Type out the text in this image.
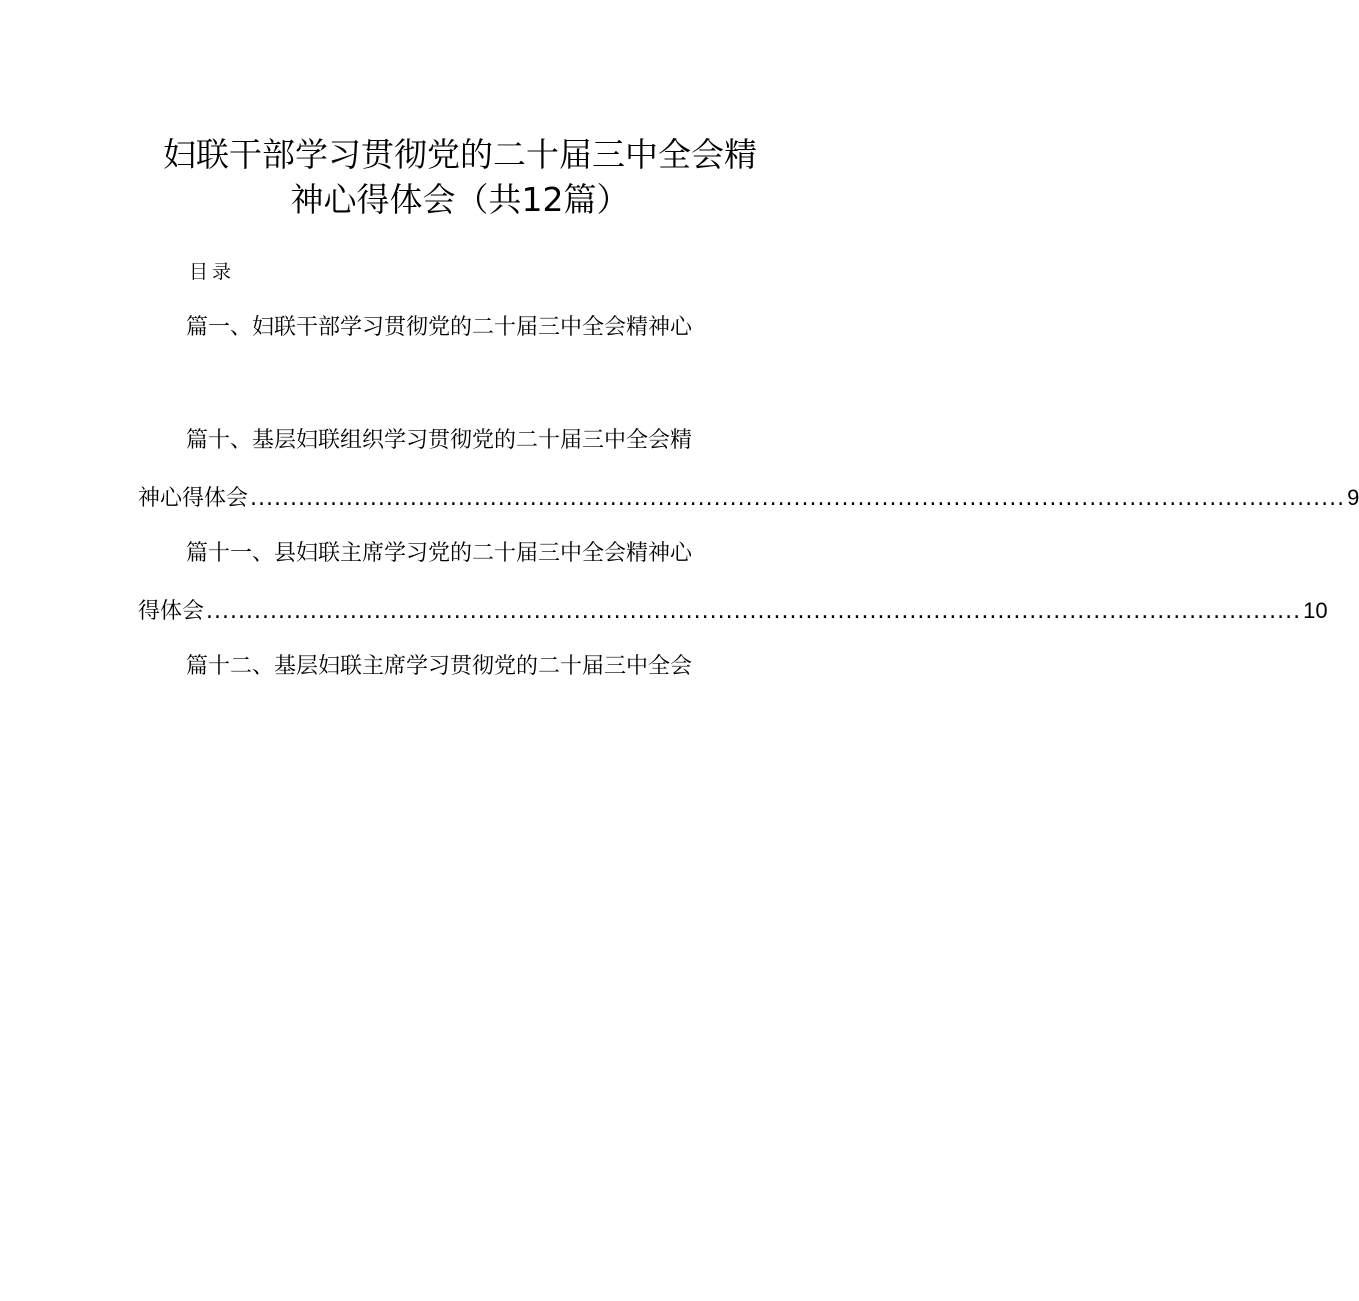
妇联干部学习贯彻党的二十届三中全会精
神心得体会（共12篇）
目录
篇一、妇联干部学习贯彻党的二十届三中全会精神心
篇十、基层妇联组织学习贯彻党的二十届三中全会精
神心得体会 ......................................................................................................................................... 9
篇十一、县妇联主席学习党的二十届三中全会精神心
得体会 ......................................................................................................................................... 10
篇十二、基层妇联主席学习贯彻党的二十届三中全会
